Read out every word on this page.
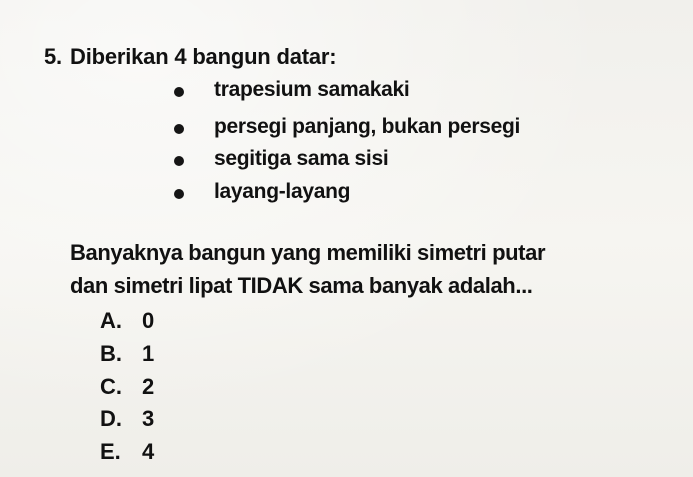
5. Diberikan 4 bangun datar:
trapesium samakaki
persegi panjang, bukan persegi
segitiga sama sisi
layang-layang
Banyaknya bangun yang memiliki simetri putar
dan simetri lipat TIDAK sama banyak adalah...
A. 0
B. 1
C. 2
D. 3
E. 4
